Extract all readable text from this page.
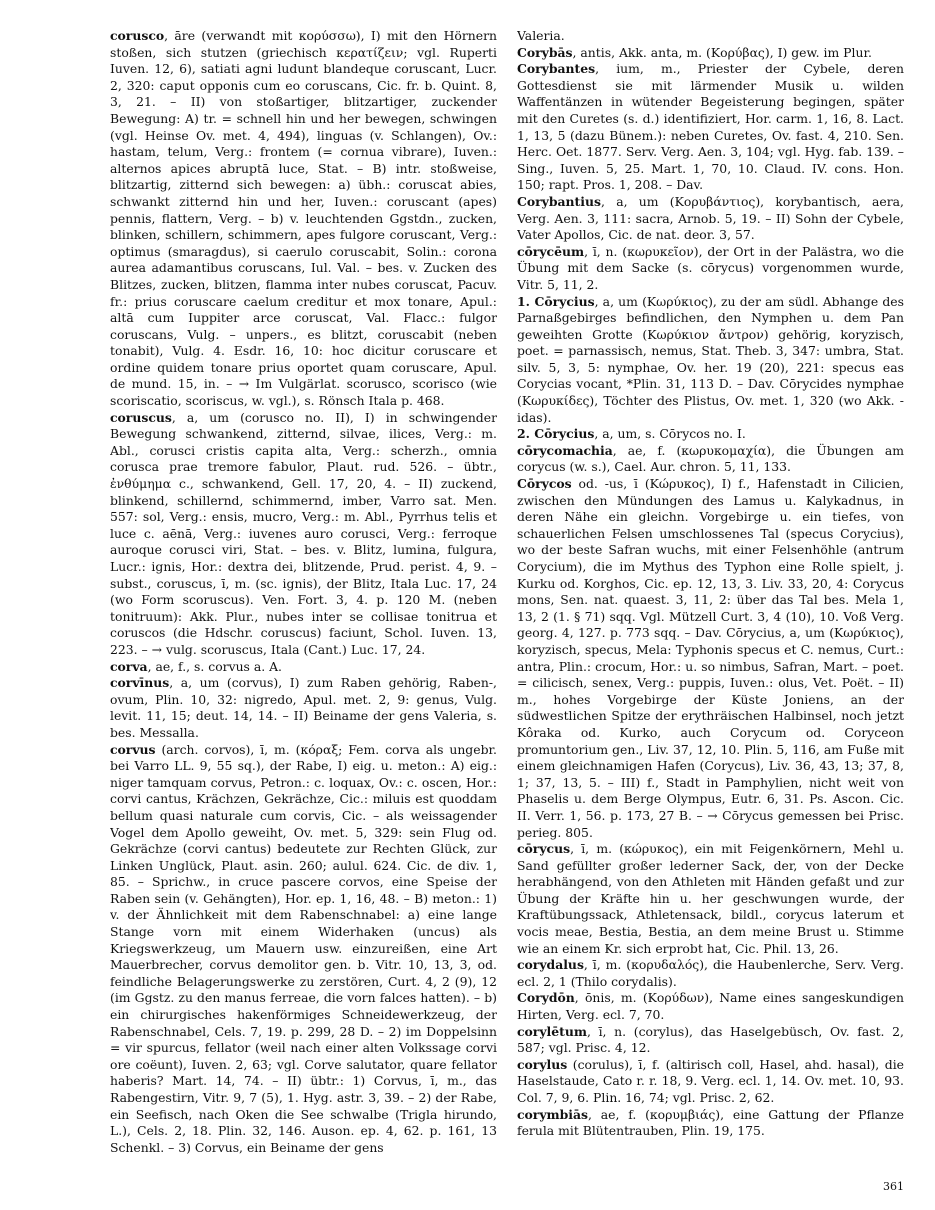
corusco, āre (verwandt mit κορύσσω), I) mit den Hörnern stoßen, sich stutzen (griechisch κερατίζειν; vgl. Ruperti Iuven. 12, 6), satiati agni ludunt blandeque coruscant, Lucr. 2, 320: caput opponis cum eo coruscans, Cic. fr. b. Quint. 8, 3, 21. – II) von stoßartiger, blitzartiger, zuckender Bewegung: A) tr. = schnell hin und her bewegen, schwingen (vgl. Heinse Ov. met. 4, 494), linguas (v. Schlangen), Ov.: hastam, telum, Verg.: frontem (= cornua vibrare), Iuven.: alternos apices abruptā luce, Stat. – B) intr. stoßweise, blitzartig, zitternd sich bewegen: a) übh.: coruscat abies, schwankt zitternd hin und her, Iuven.: coruscant (apes) pennis, flattern, Verg. – b) v. leuchtenden Ggstdn., zucken, blinken, schillern, schimmern, apes fulgore coruscant, Verg.: optimus (smaragdus), si caerulo coruscabit, Solin.: corona aurea adamantibus coruscans, Iul. Val. – bes. v. Zucken des Blitzes, zucken, blitzen, flamma inter nubes coruscat, Pacuv. fr.: prius coruscare caelum creditur et mox tonare, Apul.: altā cum Iuppiter arce coruscat, Val. Flacc.: fulgor coruscans, Vulg. – unpers., es blitzt, coruscabit (neben tonabit), Vulg. 4. Esdr. 16, 10: hoc dicitur coruscare et ordine quidem tonare prius oportet quam coruscare, Apul. de mund. 15, in. – → Im Vulgärlat. scorusco, scorisco (wie scoriscatio, scoriscus, w. vgl.), s. Rönsch Itala p. 468.

coruscus, a, um (corusco no. II), I) in schwingender Bewegung schwankend, zitternd, silvae, ilices, Verg.: m. Abl., corusci cristis capita alta, Verg.: scherzh., omnia coruscа prae tremore fabulor, Plaut. rud. 526. – übtr., ἐνθύμημα c., schwankend, Gell. 17, 20, 4. – II) zuckend, blinkend, schillernd, schimmernd, imber, Varro sat. Men. 557: sol, Verg.: ensis, mucro, Verg.: m. Abl., Pyrrhus telis et luce c. aēnā, Verg.: iuvenes auro corusci, Verg.: ferroque auroque corusci viri, Stat. – bes. v. Blitz, lumina, fulgura, Lucr.: ignis, Hor.: dextra dei, blitzende, Prud. perist. 4, 9. – subst., coruscus, ī, m. (sc. ignis), der Blitz, Itala Luc. 17, 24 (wo Form scoruscus). Ven. Fort. 3, 4. p. 120 M. (neben tonitruum): Akk. Plur., nubes inter se collisae tonitrua et coruscos (die Hdschr. coruscus) faciunt, Schol. Iuven. 13, 223. – → vulg. scoruscus, Itala (Cant.) Luc. 17, 24.

corva, ae, f., s. corvus a. A.

corvīnus, a, um (corvus), I) zum Raben gehörig, Raben-, ovum, Plin. 10, 32: nigredo, Apul. met. 2, 9: genus, Vulg. levit. 11, 15; deut. 14, 14. – II) Beiname der gens Valeria, s. bes. Messalla.

corvus (arch. corvos), ī, m. (κόραξ; Fem. corva als ungebr. bei Varro LL. 9, 55 sq.), der Rabe, I) eig. u. meton.: A) eig.: niger tamquam corvus, Petron.: c. loquax, Ov.: c. oscen, Hor.: corvi cantus, Krächzen, Gekrächze, Cic.: miluis est quoddam bellum quasi naturale cum corvis, Cic. – als weissagender Vogel dem Apollo geweiht, Ov. met. 5, 329: sein Flug od. Gekrächze (corvi cantus) bedeutete zur Rechten Glück, zur Linken Unglück, Plaut. asin. 260; aulul. 624. Cic. de div. 1, 85. – Sprichw., in cruce pascere corvos, eine Speise der Raben sein (v. Gehängten), Hor. ep. 1, 16, 48. – B) meton.: 1) v. der Ähnlichkeit mit dem Rabenschnabel: a) eine lange Stange vorn mit einem Widerhaken (uncus) als Kriegswerkzeug, um Mauern usw. einzureißen, eine Art Mauerbrecher, corvus demolitor gen. b. Vitr. 10, 13, 3, od. feindliche Belagerungswerke zu zerstören, Curt. 4, 2 (9), 12 (im Ggstz. zu den manus ferreae, die vorn falces hatten). – b) ein chirurgisches hakenförmiges Schneidewerkzeug, der Rabenschnabel, Cels. 7, 19. p. 299, 28 D. – 2) im Doppelsinn = vir spurcus, fellator (weil nach einer alten Volkssage corvi ore coëunt), Iuven. 2, 63; vgl. Corve salutator, quare fellator haberis? Mart. 14, 74. – II) übtr.: 1) Corvus, ī, m., das Rabengestirn, Vitr. 9, 7 (5), 1. Hyg. astr. 3, 39. – 2) der Rabe, ein Seefisch, nach Oken die See schwalbe (Trigla hirundo, L.), Cels. 2, 18. Plin. 32, 146. Auson. ep. 4, 62. p. 161, 13 Schenkl. – 3) Corvus, ein Beiname der gens

Valeria.

Corybās, antis, Akk. anta, m. (Κορύβας), I) gew. im Plur.

Corybantes, ium, m., Priester der Cybele, deren Gottesdienst sie mit lärmender Musik u. wilden Waffentänzen in wütender Begeisterung begingen, später mit den Curetes (s. d.) identifiziert, Hor. carm. 1, 16, 8. Lact. 1, 13, 5 (dazu Bünem.): neben Curetes, Ov. fast. 4, 210. Sen. Herc. Oet. 1877. Serv. Verg. Aen. 3, 104; vgl. Hyg. fab. 139. – Sing., Iuven. 5, 25. Mart. 1, 70, 10. Claud. IV. cons. Hon. 150; rapt. Pros. 1, 208. – Dav.

Corybantius, a, um (Κορυβάντιος), korybantisch, aera, Verg. Aen. 3, 111: sacra, Arnob. 5, 19. – II) Sohn der Cybele, Vater Apollos, Cic. de nat. deor. 3, 57.

cōrycēum, ī, n. (κωρυκεῖον), der Ort in der Palästra, wo die Übung mit dem Sacke (s. cōrycus) vorgenommen wurde, Vitr. 5, 11, 2.

1. Cōrycius, a, um (Κωρύκιος), zu der am südl. Abhange des Parnaßgebirges befindlichen, den Nymphen u. dem Pan geweihten Grotte (Κωρύκιον ἄντρον) gehörig, koryzisch, poet. = parnassisch, nemus, Stat. Theb. 3, 347: umbra, Stat. silv. 5, 3, 5: nymphae, Ov. her. 19 (20), 221: specus eas Corycias vocant, *Plin. 31, 113 D. – Dav. Cōrycides nymphae (Κωρυκίδες), Töchter des Plistus, Ov. met. 1, 320 (wo Akk. -idas).

2. Cōrycius, a, um, s. Cōrycos no. I.

cōrycomachia, ae, f. (κωρυκομαχία), die Übungen am corycus (w. s.), Cael. Aur. chron. 5, 11, 133.

Cōrycos od. -us, ī (Κώρυκος), I) f., Hafenstadt in Cilicien, zwischen den Mündungen des Lamus u. Kalykadnus, in deren Nähe ein gleichn. Vorgebirge u. ein tiefes, von schauerlichen Felsen umschlossenes Tal (specus Corycius), wo der beste Safran wuchs, mit einer Felsenhöhle (antrum Corycium), die im Mythus des Typhon eine Rolle spielt, j. Kurku od. Korghos, Cic. ep. 12, 13, 3. Liv. 33, 20, 4: Corycus mons, Sen. nat. quaest. 3, 11, 2: über das Tal bes. Mela 1, 13, 2 (1. § 71) sqq. Vgl. Mützell Curt. 3, 4 (10), 10. Voß Verg. georg. 4, 127. p. 773 sqq. – Dav. Cōrycius, a, um (Κωρύκιος), koryzisch, specus, Mela: Typhonis specus et C. nemus, Curt.: antra, Plin.: crocum, Hor.: u. so nimbus, Safran, Mart. – poet. = cilicisch, senex, Verg.: puppis, Iuven.: olus, Vet. Poët. – II) m., hohes Vorgebirge der Küste Joniens, an der südwestlichen Spitze der erythräischen Halbinsel, noch jetzt Kôraka od. Kurko, auch Corycum od. Coryceon promuntorium gen., Liv. 37, 12, 10. Plin. 5, 116, am Fuße mit einem gleichnamigen Hafen (Corycus), Liv. 36, 43, 13; 37, 8, 1; 37, 13, 5. – III) f., Stadt in Pamphylien, nicht weit von Phaselis u. dem Berge Olympus, Eutr. 6, 31. Ps. Ascon. Cic. II. Verr. 1, 56. p. 173, 27 B. – → Cōrycus gemessen bei Prisc. perieg. 805.

cōrycus, ī, m. (κώρυκος), ein mit Feigenkörnern, Mehl u. Sand gefüllter großer lederner Sack, der, von der Decke herabhängend, von den Athleten mit Händen gefaßt und zur Übung der Kräfte hin u. her geschwungen wurde, der Kraftübungssack, Athletensack, bildl., corycus laterum et vocis meae, Bestia, Bestia, an dem meine Brust u. Stimme wie an einem Kr. sich erprobt hat, Cic. Phil. 13, 26.

corydalus, ī, m. (κορυδαλός), die Haubenlerche, Serv. Verg. ecl. 2, 1 (Thilo corydalis).

Corydōn, ōnis, m. (Κορύδων), Name eines sangeskundigen Hirten, Verg. ecl. 7, 70.

corylētum, ī, n. (corylus), das Haselgebüsch, Ov. fast. 2, 587; vgl. Prisc. 4, 12.

corylus (corulus), ī, f. (altirisch coll, Hasel, ahd. hasal), die Haselstaude, Cato r. r. 18, 9. Verg. ecl. 1, 14. Ov. met. 10, 93. Col. 7, 9, 6. Plin. 16, 74; vgl. Prisc. 2, 62.

corymbiās, ae, f. (κορυμβιάς), eine Gattung der Pflanze ferula mit Blütentrauben, Plin. 19, 175.

361
